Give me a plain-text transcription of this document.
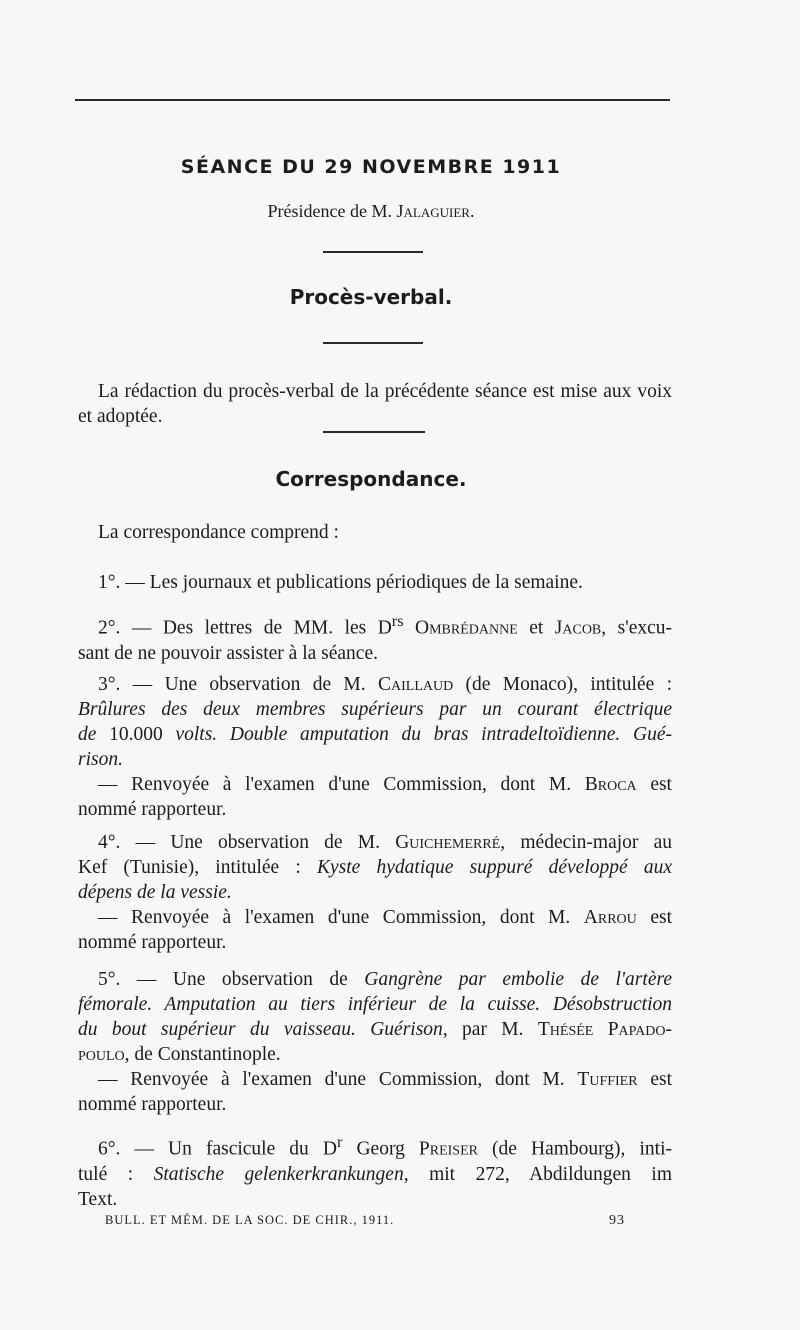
SÉANCE DU 29 NOVEMBRE 1911
Présidence de M. Jalaguier.
Procès-verbal.
La rédaction du procès-verbal de la précédente séance est mise aux voix et adoptée.
Correspondance.
La correspondance comprend :
1°. — Les journaux et publications périodiques de la semaine.
2°. — Des lettres de MM. les $D^{rs}$ Ombrédanne et Jacob, s'excu-
sant de ne pouvoir assister à la séance.
3°. — Une observation de M. Caillaud (de Monaco), intitulée :
Brûlures des deux membres supérieurs par un courant électrique
de 10.000 volts. Double amputation du bras intradeltoïdienne. Gué-
rison.
— Renvoyée à l'examen d'une Commission, dont M. Broca est
nommé rapporteur.
4°. — Une observation de M. Guichemerré, médecin-major au
Kef (Tunisie), intitulée : Kyste hydatique suppuré développé aux
dépens de la vessie.
— Renvoyée à l'examen d'une Commission, dont M. Arrou est
nommé rapporteur.
5°. — Une observation de Gangrène par embolie de l'artère
fémorale. Amputation au tiers inférieur de la cuisse. Désobstruction
du bout supérieur du vaisseau. Guérison, par M. Thésée Papado-
poulo, de Constantinople.
— Renvoyée à l'examen d'une Commission, dont M. Tuffier est
nommé rapporteur.
6°. — Un fascicule du $D^r$ Georg Preiser (de Hambourg), inti-
tulé : Statische gelenkerkrankungen, mit 272, Abdildungen im
Text.
BULL. ET MÉM. DE LA SOC. DE CHIR., 1911.	93
